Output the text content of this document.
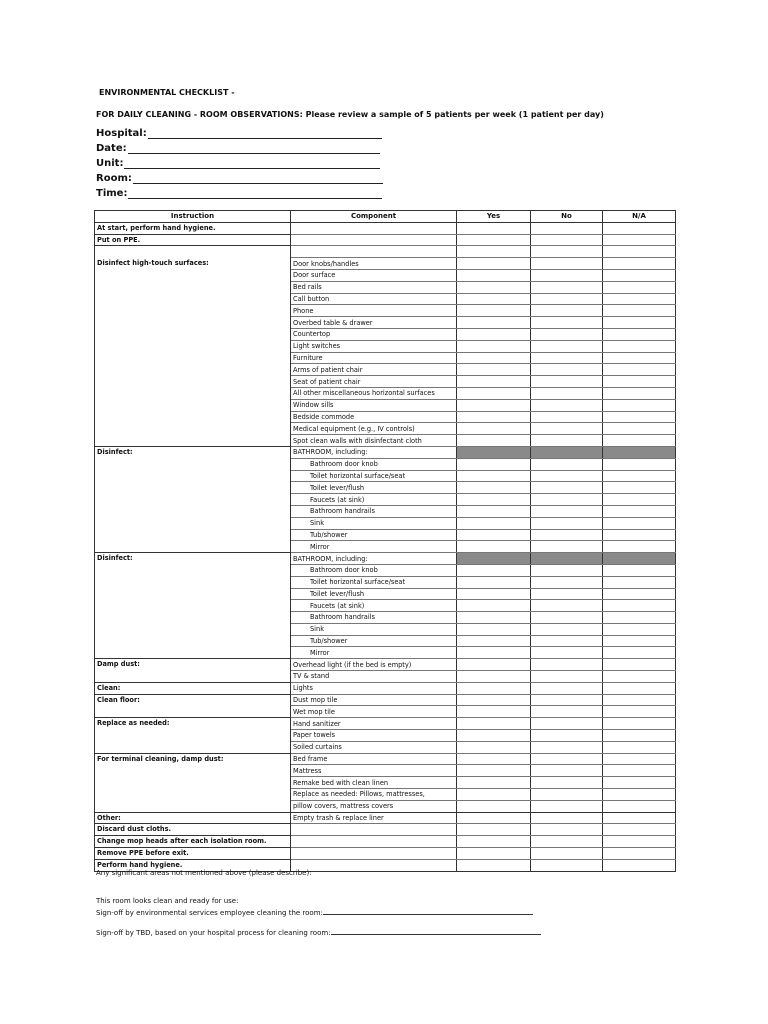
ENVIRONMENTAL CHECKLIST -
FOR DAILY CLEANING - ROOM OBSERVATIONS: Please review a sample of 5 patients per week (1 patient per day)
Hospital:
Date:
Unit:
Room:
Time:
Instruction	Component	Yes	No	N/A
At start, perform hand hygiene.				
Put on PPE.				

Disinfect high-touch surfaces:	Door knobs/handles			
	Door surface			
	Bed rails			
	Call button			
	Phone			
	Overbed table & drawer			
	Countertop			
	Light switches			
	Furniture			
	Arms of patient chair			
	Seat of patient chair			
	All other miscellaneous horizontal surfaces			
	Window sills			
	Bedside commode			
	Medical equipment (e.g., IV controls)			
	Spot clean walls with disinfectant cloth			
Disinfect:	BATHROOM, including:			
	Bathroom door knob			
	Toilet horizontal surface/seat			
	Toilet lever/flush			
	Faucets (at sink)			
	Bathroom handrails			
	Sink			
	Tub/shower			
	Mirror			
Disinfect:	BATHROOM, including:			
	Bathroom door knob			
	Toilet horizontal surface/seat			
	Toilet lever/flush			
	Faucets (at sink)			
	Bathroom handrails			
	Sink			
	Tub/shower			
	Mirror			
Damp dust:	Overhead light (if the bed is empty)			
	TV & stand			
Clean:	Lights			
Clean floor:	Dust mop tile			
	Wet mop tile			
Replace as needed:	Hand sanitizer			
	Paper towels			
	Soiled curtains			
For terminal cleaning, damp dust:	Bed frame			
	Mattress			
	Remake bed with clean linen			
	Replace as needed: Pillows, mattresses,			
	pillow covers, mattress covers			
Other:	Empty trash & replace liner			
Discard dust cloths.				
Change mop heads after each isolation room.				
Remove PPE before exit.				
Perform hand hygiene.				
Any significant areas not mentioned above (please describe):
This room looks clean and ready for use:
Sign-off by environmental services employee cleaning the room:
Sign-off by TBD, based on your hospital process for cleaning room:
